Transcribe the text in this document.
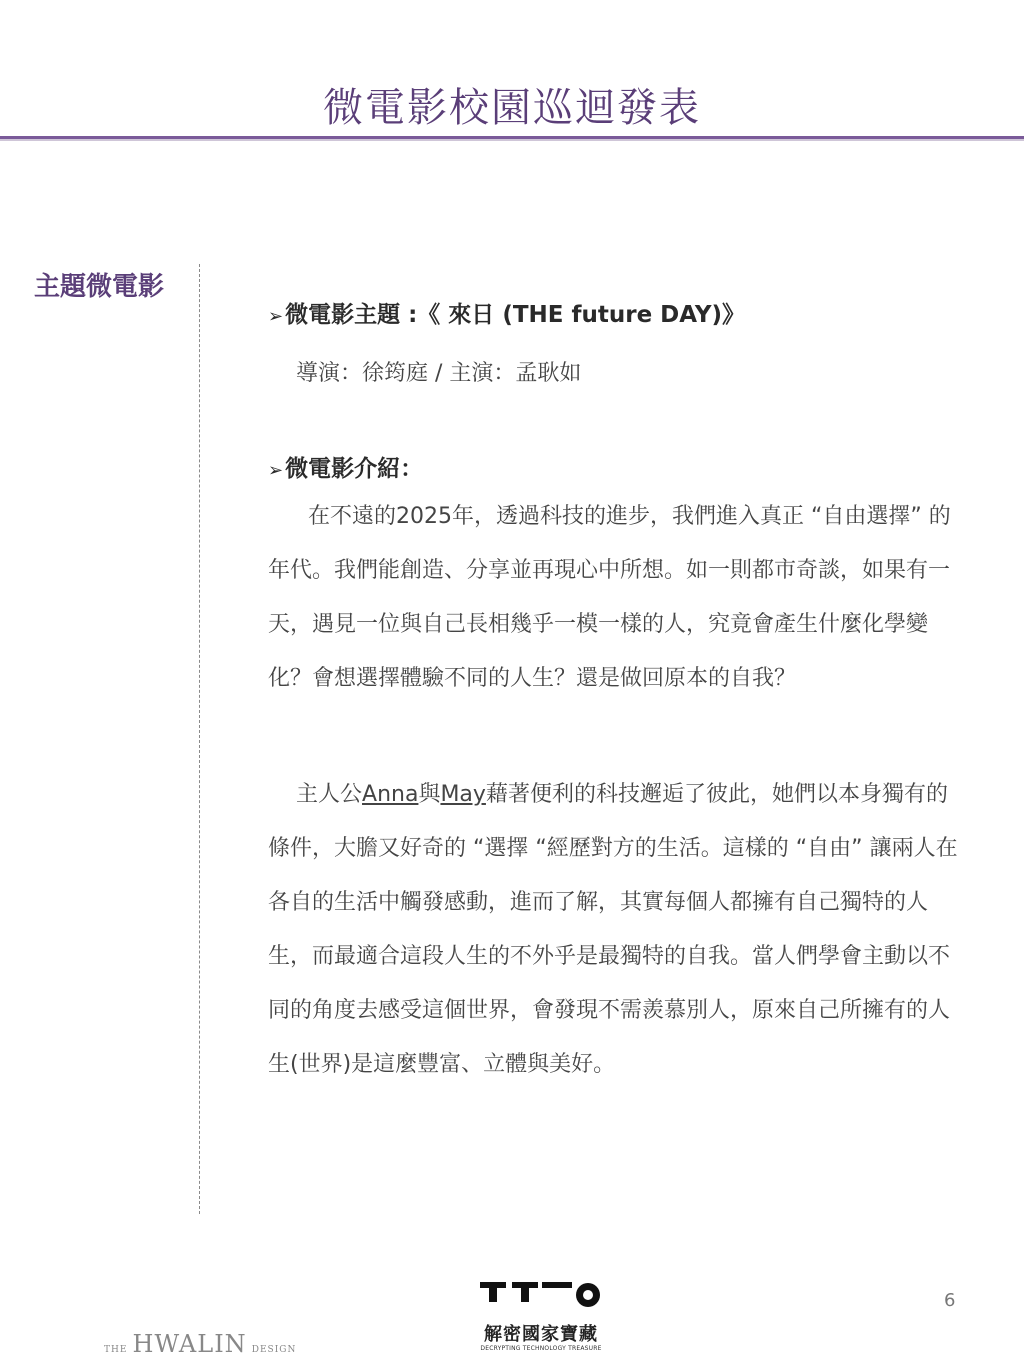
微電影校園巡迴發表
主題微電影
➢微電影主題 :《 來日 (THE future DAY)》
導演：徐筠庭 / 主演：孟耿如
➢微電影介紹：

在不遠的2025年，透過科技的進步，我們進入真正 “自由選擇” 的年代。我們能創造、分享並再現心中所想。如一則都市奇談，如果有一天，遇見一位與自己長相幾乎一模一樣的人，究竟會產生什麼化學變化？會想選擇體驗不同的人生？還是做回原本的自我？

主人公Anna與May藉著便利的科技邂逅了彼此，她們以本身獨有的條件，大膽又好奇的 “選擇 “經歷對方的生活。這樣的 “自由” 讓兩人在各自的生活中觸發感動，進而了解，其實每個人都擁有自己獨特的人生，而最適合這段人生的不外乎是最獨特的自我。當人們學會主動以不同的角度去感受這個世界，會發現不需羨慕別人，原來自己所擁有的人生(世界)是這麼豐富、立體與美好。

6
解密國家寶藏
DECRYPTING TECHNOLOGY TREASURE
THE HWALIN DESIGN
